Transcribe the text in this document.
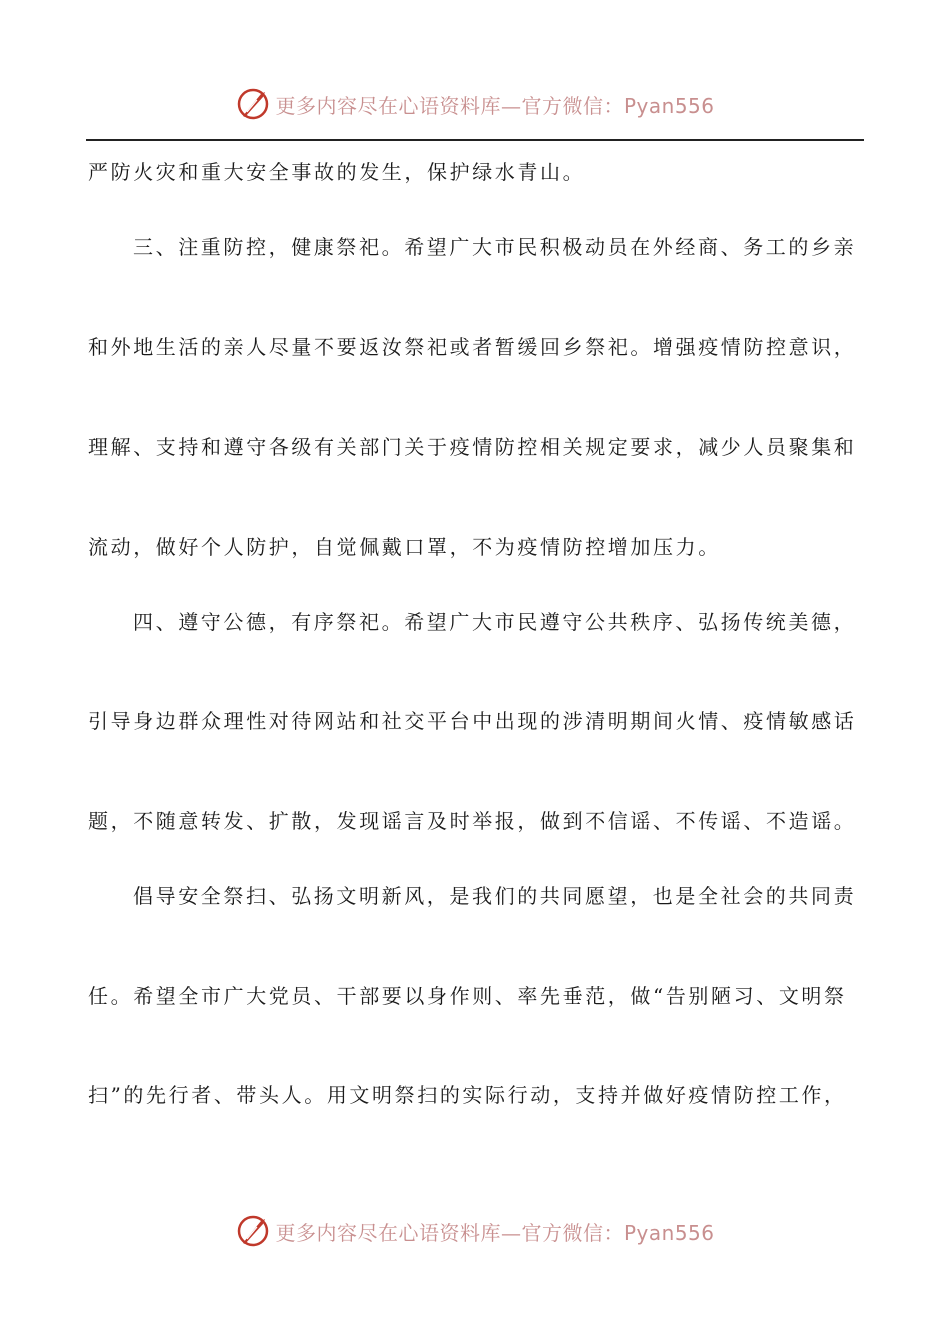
更多内容尽在心语资料库—官方微信：Pyan556
严防火灾和重大安全事故的发生，保护绿水青山。
三、注重防控，健康祭祀。希望广大市民积极动员在外经商、务工的乡亲
和外地生活的亲人尽量不要返汝祭祀或者暂缓回乡祭祀。增强疫情防控意识，
理解、支持和遵守各级有关部门关于疫情防控相关规定要求，减少人员聚集和
流动，做好个人防护，自觉佩戴口罩，不为疫情防控增加压力。
四、遵守公德，有序祭祀。希望广大市民遵守公共秩序、弘扬传统美德，
引导身边群众理性对待网站和社交平台中出现的涉清明期间火情、疫情敏感话
题，不随意转发、扩散，发现谣言及时举报，做到不信谣、不传谣、不造谣。
倡导安全祭扫、弘扬文明新风，是我们的共同愿望，也是全社会的共同责
任。希望全市广大党员、干部要以身作则、率先垂范，做“告别陋习、文明祭
扫”的先行者、带头人。用文明祭扫的实际行动，支持并做好疫情防控工作，
更多内容尽在心语资料库—官方微信：Pyan556
